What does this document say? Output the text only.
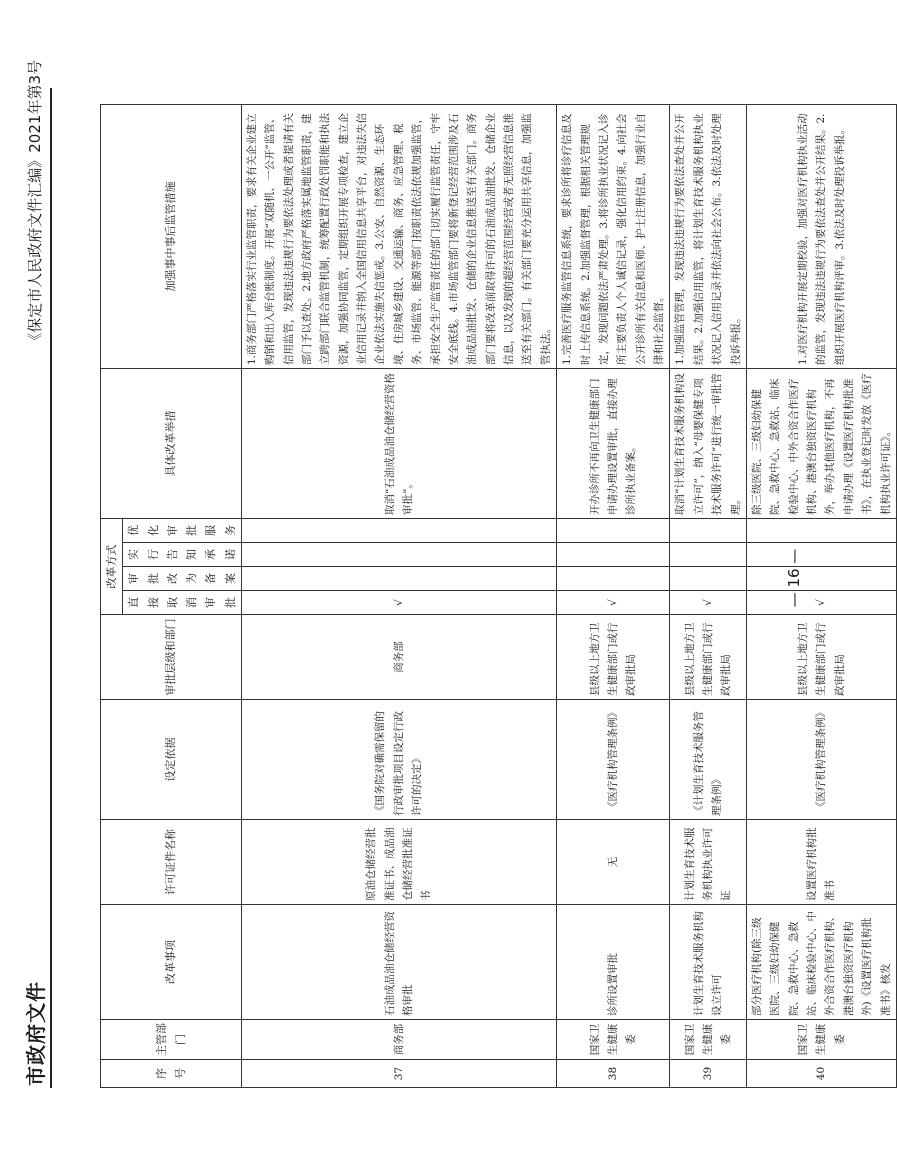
市政府文件
《保定市人民政府文件汇编》2021年第3号
序号	主管部门	改革事项	许可证件名称	设定依据	审批层级和部门	改革方式				具体改革举措	加强事中事后监管措施
						直接取消审批	审批改为备案	实行告知承诺	优化审批服务		
37	商务部	石油成品油仓储经营资格审批	原油仓储经营批准证书、成品油仓储经营批准证书	《国务院对确需保留的行政审批项目设定行政许可的决定》	商务部	√				取消“石油成品油仓储经营资格审批”。	1.商务部门严格落实行业监管职责，要求有关企业建立购销和出入库台账制度。开展“双随机、一公开”监管、信用监管，发现违法违规行为要依法处理或者提请有关部门予以查处。2.地方政府严格落实属地监管职责，建立跨部门联合监管机制，统筹配置行政处罚职能和执法资源，加强协同监管，定期组织开展专项检查，建立企业信用记录并纳入全国信用信息共享平台，对违法失信企业依法实施失信惩戒。3.公安、自然资源、生态环境、住房城乡建设、交通运输、商务、应急管理、税务、市场监管、能源等部门按职责依法依规加强监管，承担安全生产监管责任的部门切实履行监管责任，守牢安全底线。4.市场监管部门要将新登记经营范围涉及石油成品油批发、仓储的企业信息推送至有关部门。商务部门要将改革前取得许可的石油成品油批发、仓储企业信息，以及发现的超经营范围经营或者无照经营信息推送至有关部门。有关部门要充分运用共享信息，加强监管执法。
38	国家卫生健康委	诊所设置审批	无	《医疗机构管理条例》	县级以上地方卫生健康部门或行政审批局	√				开办诊所不再向卫生健康部门申请办理设置审批，直接办理诊所执业备案。	1.完善医疗服务监管信息系统，要求诊所将诊疗信息及时上传信息系统。2.加强监督管理，根据相关管理规定，发现问题依法严肃处理。3.将诊所执业状况记入诊所主要负责人个人诚信记录，强化信用约束。4.向社会公开诊所有关信息和医师、护士注册信息，加强行业自律和社会监督。
39	国家卫生健康委	计划生育技术服务机构设立许可	计划生育技术服务机构执业许可证	《计划生育技术服务管理条例》	县级以上地方卫生健康部门或行政审批局	√				取消“计划生育技术服务机构设立许可”，纳入“母婴保健专项技术服务许可”进行统一审批管理。	1.加强监管管理，发现违法违规行为要依法查处并公开结果。2.加强信用监管，将计划生育技术服务机构执业状况记入信用记录并依法向社会公布。3.依法及时处理投诉举报。
40	国家卫生健康委	部分医疗机构(除三级医院、三级妇幼保健院、急救中心、急救站、临床检验中心、中外合资合作医疗机构、港澳台独资医疗机构外)《设置医疗机构批准书》核发	设置医疗机构批准书	《医疗机构管理条例》	县级以上地方卫生健康部门或行政审批局	√				除三级医院、三级妇幼保健院、急救中心、急救站、临床检验中心、中外合资合作医疗机构、港澳台独资医疗机构外，举办其他医疗机构，不再申请办理《设置医疗机构批准书》，在执业登记时发放《医疗机构执业许可证》。	1.对医疗机构开展定期校验，加强对医疗机构执业活动的监管，发现违法违规行为要依法查处并公开结果。2.组织开展医疗机构评审。3.依法及时处理投诉举报。
— 16 —
